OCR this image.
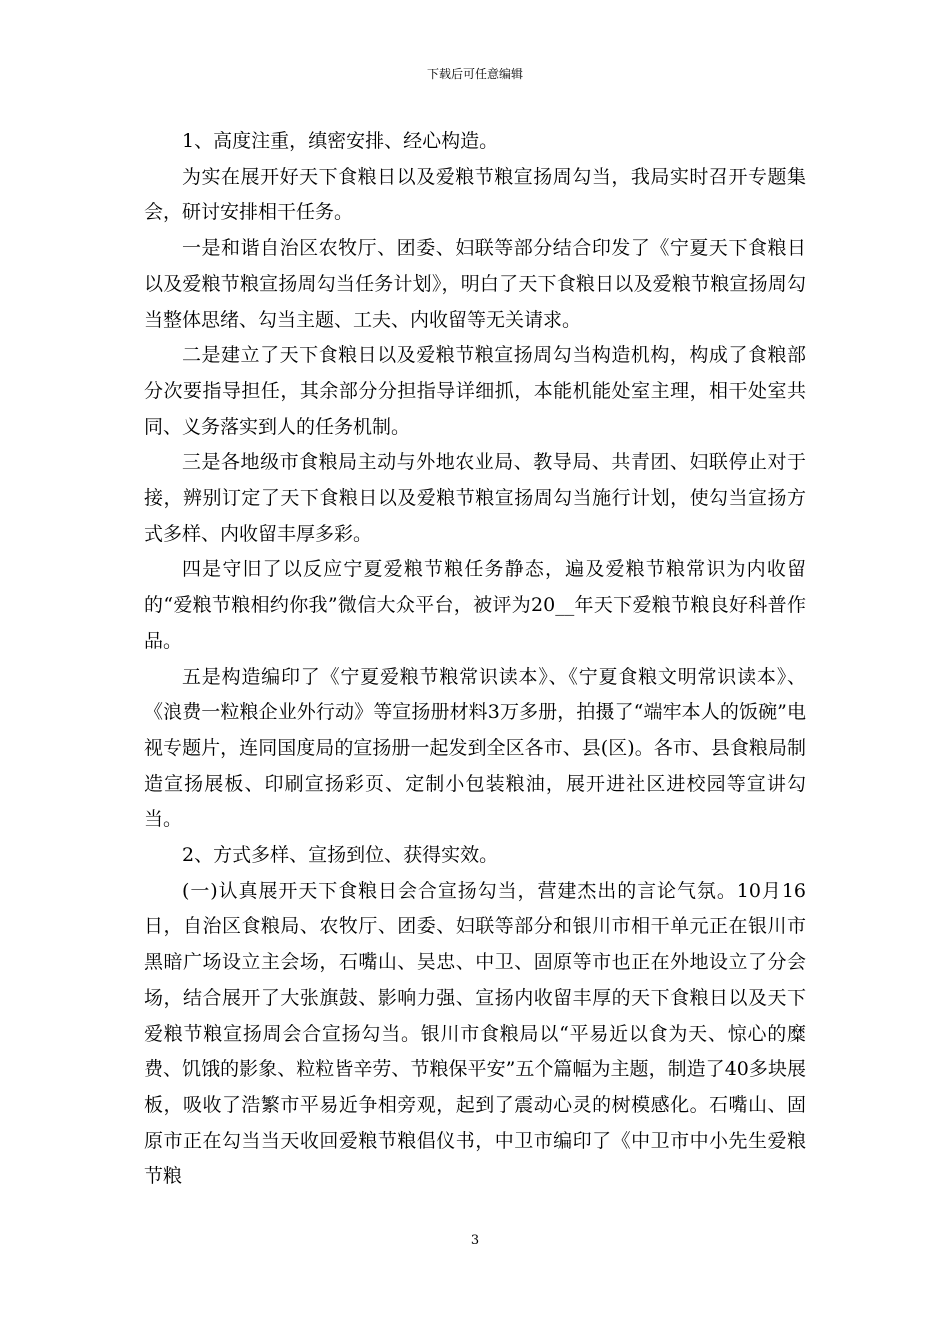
下载后可任意编辑

1、高度注重，缜密安排、经心构造。

为实在展开好天下食粮日以及爱粮节粮宣扬周勾当，我局实时召开专题集会，研讨安排相干任务。

一是和谐自治区农牧厅、团委、妇联等部分结合印发了《宁夏天下食粮日以及爱粮节粮宣扬周勾当任务计划》，明白了天下食粮日以及爱粮节粮宣扬周勾当整体思绪、勾当主题、工夫、内收留等无关请求。

二是建立了天下食粮日以及爱粮节粮宣扬周勾当构造机构，构成了食粮部分次要指导担任，其余部分分担指导详细抓，本能机能处室主理，相干处室共同、义务落实到人的任务机制。

三是各地级市食粮局主动与外地农业局、教导局、共青团、妇联停止对于接，辨别订定了天下食粮日以及爱粮节粮宣扬周勾当施行计划，使勾当宣扬方式多样、内收留丰厚多彩。

四是守旧了以反应宁夏爱粮节粮任务静态，遍及爱粮节粮常识为内收留的“爱粮节粮相约你我”微信大众平台，被评为20__年天下爱粮节粮良好科普作品。

五是构造编印了《宁夏爱粮节粮常识读本》、《宁夏食粮文明常识读本》、《浪费一粒粮企业外行动》等宣扬册材料3万多册，拍摄了“端牢本人的饭碗”电视专题片，连同国度局的宣扬册一起发到全区各市、县(区)。各市、县食粮局制造宣扬展板、印刷宣扬彩页、定制小包装粮油，展开进社区进校园等宣讲勾当。

2、方式多样、宣扬到位、获得实效。

(一)认真展开天下食粮日会合宣扬勾当，营建杰出的言论气氛。10月16日，自治区食粮局、农牧厅、团委、妇联等部分和银川市相干单元正在银川市黑暗广场设立主会场，石嘴山、吴忠、中卫、固原等市也正在外地设立了分会场，结合展开了大张旗鼓、影响力强、宣扬内收留丰厚的天下食粮日以及天下爱粮节粮宣扬周会合宣扬勾当。银川市食粮局以“平易近以食为天、惊心的糜费、饥饿的影象、粒粒皆辛劳、节粮保平安”五个篇幅为主题，制造了40多块展板，吸收了浩繁市平易近争相旁观，起到了震动心灵的树模感化。石嘴山、固原市正在勾当当天收回爱粮节粮倡仪书，中卫市编印了《中卫市中小先生爱粮节粮

3
